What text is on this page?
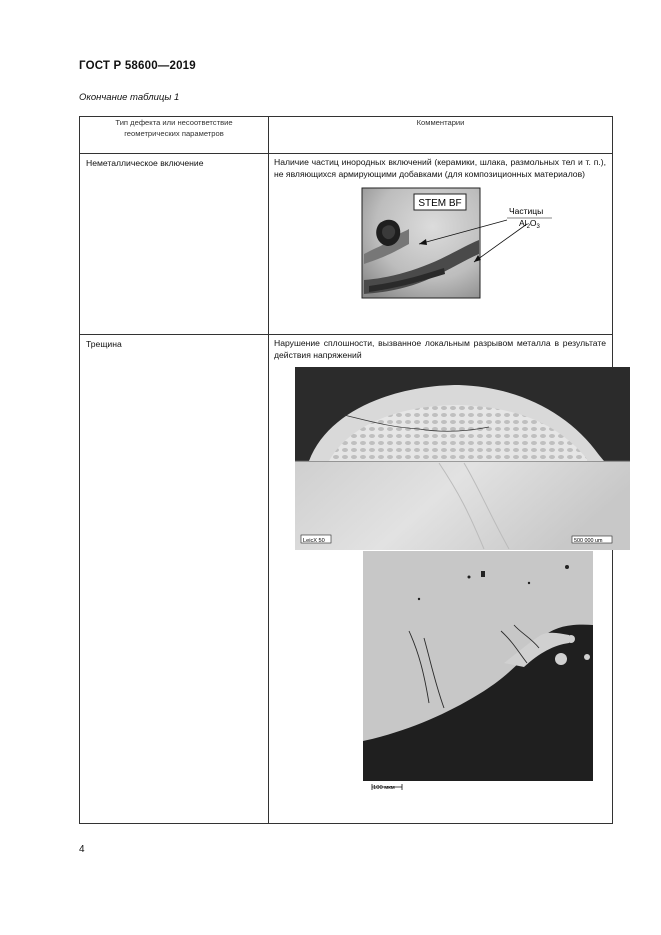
ГОСТ Р 58600—2019
Окончание таблицы 1
Тип дефекта или несоответствие геометрических параметров	Комментарии
Неметаллическое включение	Наличие частиц инородных включений (керамики, шлака, размольных тел и т. п.), не являющихся армирующими добавками (для композиционных материалов)
STEM BF
Частицы
$Al_2O_3$

Трещина	Нарушение сплошности, вызванное локальным разрывом металла в результате действия напряжений
LeicX 50 500 000 um
100 мкм
4
